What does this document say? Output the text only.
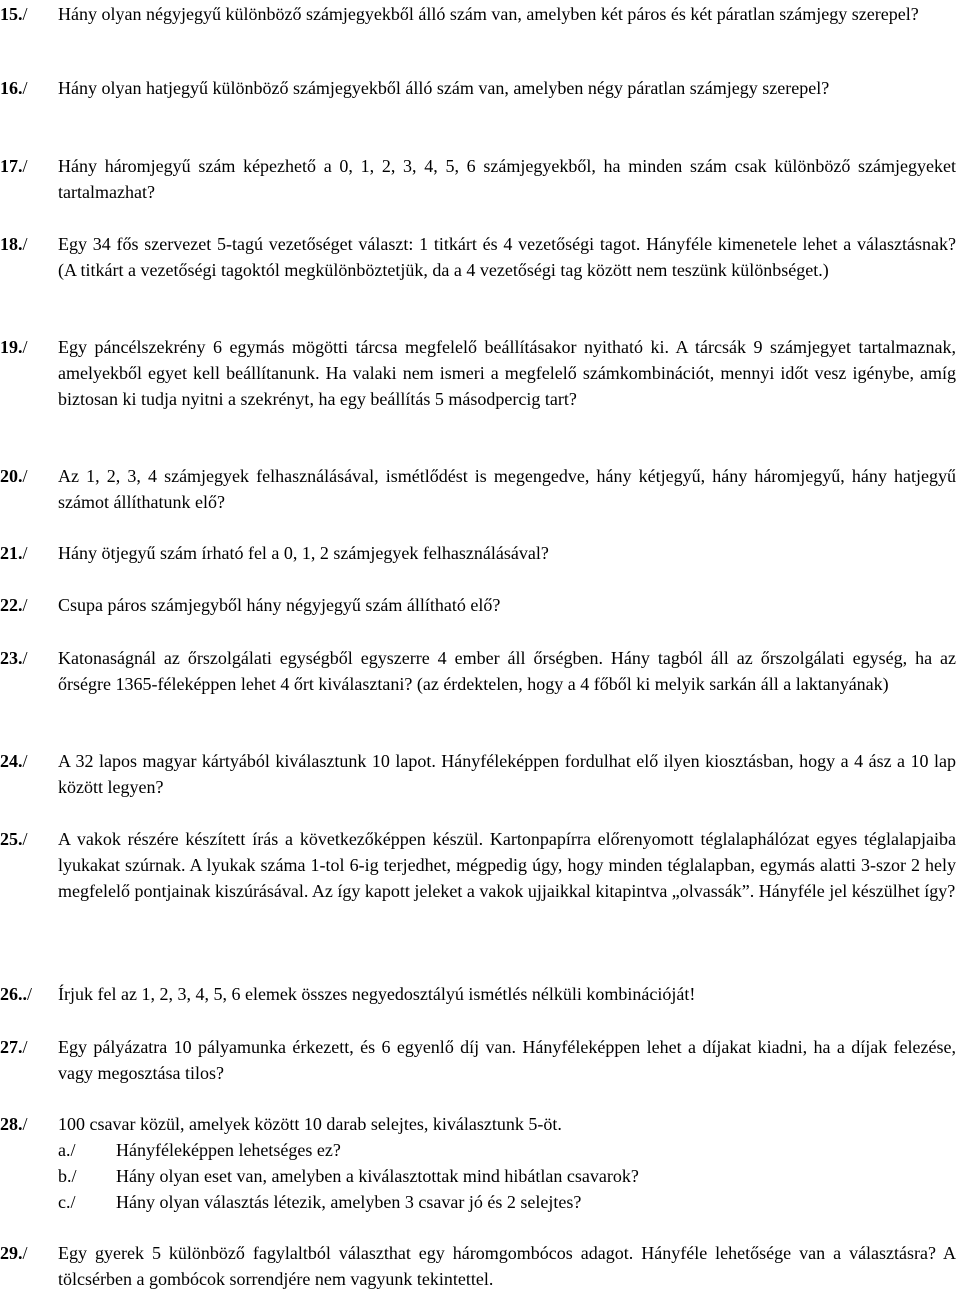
15./	Hány olyan négyjegyű különböző számjegyekből álló szám van, amelyben két páros és két páratlan számjegy szerepel?
16./	Hány olyan hatjegyű különböző számjegyekből álló szám van, amelyben négy páratlan számjegy szerepel?
17./	Hány háromjegyű szám képezhető a 0, 1, 2, 3, 4, 5, 6 számjegyekből, ha minden szám csak különböző számjegyeket tartalmazhat?
18./	Egy 34 fős szervezet 5-tagú vezetőséget választ: 1 titkárt és 4 vezetőségi tagot. Hányféle kimenetele lehet a választásnak? (A titkárt a vezetőségi tagoktól megkülönböztetjük, da a 4 vezetőségi tag között nem teszünk különbséget.)
19./	Egy páncélszekrény 6 egymás mögötti tárcsa megfelelő beállításakor nyitható ki. A tárcsák 9 számjegyet tartalmaznak, amelyekből egyet kell beállítanunk. Ha valaki nem ismeri a megfelelő számkombinációt, mennyi időt vesz igénybe, amíg biztosan ki tudja nyitni a szekrényt, ha egy beállítás 5 másodpercig tart?
20./	Az 1, 2, 3, 4 számjegyek felhasználásával, ismétlődést is megengedve, hány kétjegyű, hány háromjegyű, hány hatjegyű számot állíthatunk elő?
21./	Hány ötjegyű szám írható fel a 0, 1, 2 számjegyek felhasználásával?
22./	Csupa páros számjegyből hány négyjegyű szám állítható elő?
23./	Katonaságnál az őrszolgálati egységből egyszerre 4 ember áll őrségben. Hány tagból áll az őrszolgálati egység, ha az őrségre 1365-féleképpen lehet 4 őrt kiválasztani? (az érdektelen, hogy a 4 főből ki melyik sarkán áll a laktanyának)
24./	A 32 lapos magyar kártyából kiválasztunk 10 lapot. Hányféleképpen fordulhat elő ilyen kiosztásban, hogy a 4 ász a 10 lap között legyen?
25./	A vakok részére készített írás a következőképpen készül. Kartonpapírra előrenyomott téglalaphálózat egyes téglalapjaiba lyukakat szúrnak. A lyukak száma 1-tol 6-ig terjedhet, mégpedig úgy, hogy minden téglalapban, egymás alatti 3-szor 2 hely megfelelő pontjainak kiszúrásával. Az így kapott jeleket a vakok ujjaikkal kitapintva „olvassák”. Hányféle jel készülhet így?
26../	Írjuk fel az 1, 2, 3, 4, 5, 6 elemek összes negyedosztályú ismétlés nélküli kombinációját!
27./	Egy pályázatra 10 pályamunka érkezett, és 6 egyenlő díj van. Hányféleképpen lehet a díjakat kiadni, ha a díjak felezése, vagy megosztása tilos?
28./	100 csavar közül, amelyek között 10 darab selejtes, kiválasztunk 5-öt.
a./ Hányféleképpen lehetséges ez?
b./ Hány olyan eset van, amelyben a kiválasztottak mind hibátlan csavarok?
c./ Hány olyan választás létezik, amelyben 3 csavar jó és 2 selejtes?
29./	Egy gyerek 5 különböző fagylaltból választhat egy háromgombócos adagot. Hányféle lehetősége van a választásra? A tölcsérben a gombócok sorrendjére nem vagyunk tekintettel.
